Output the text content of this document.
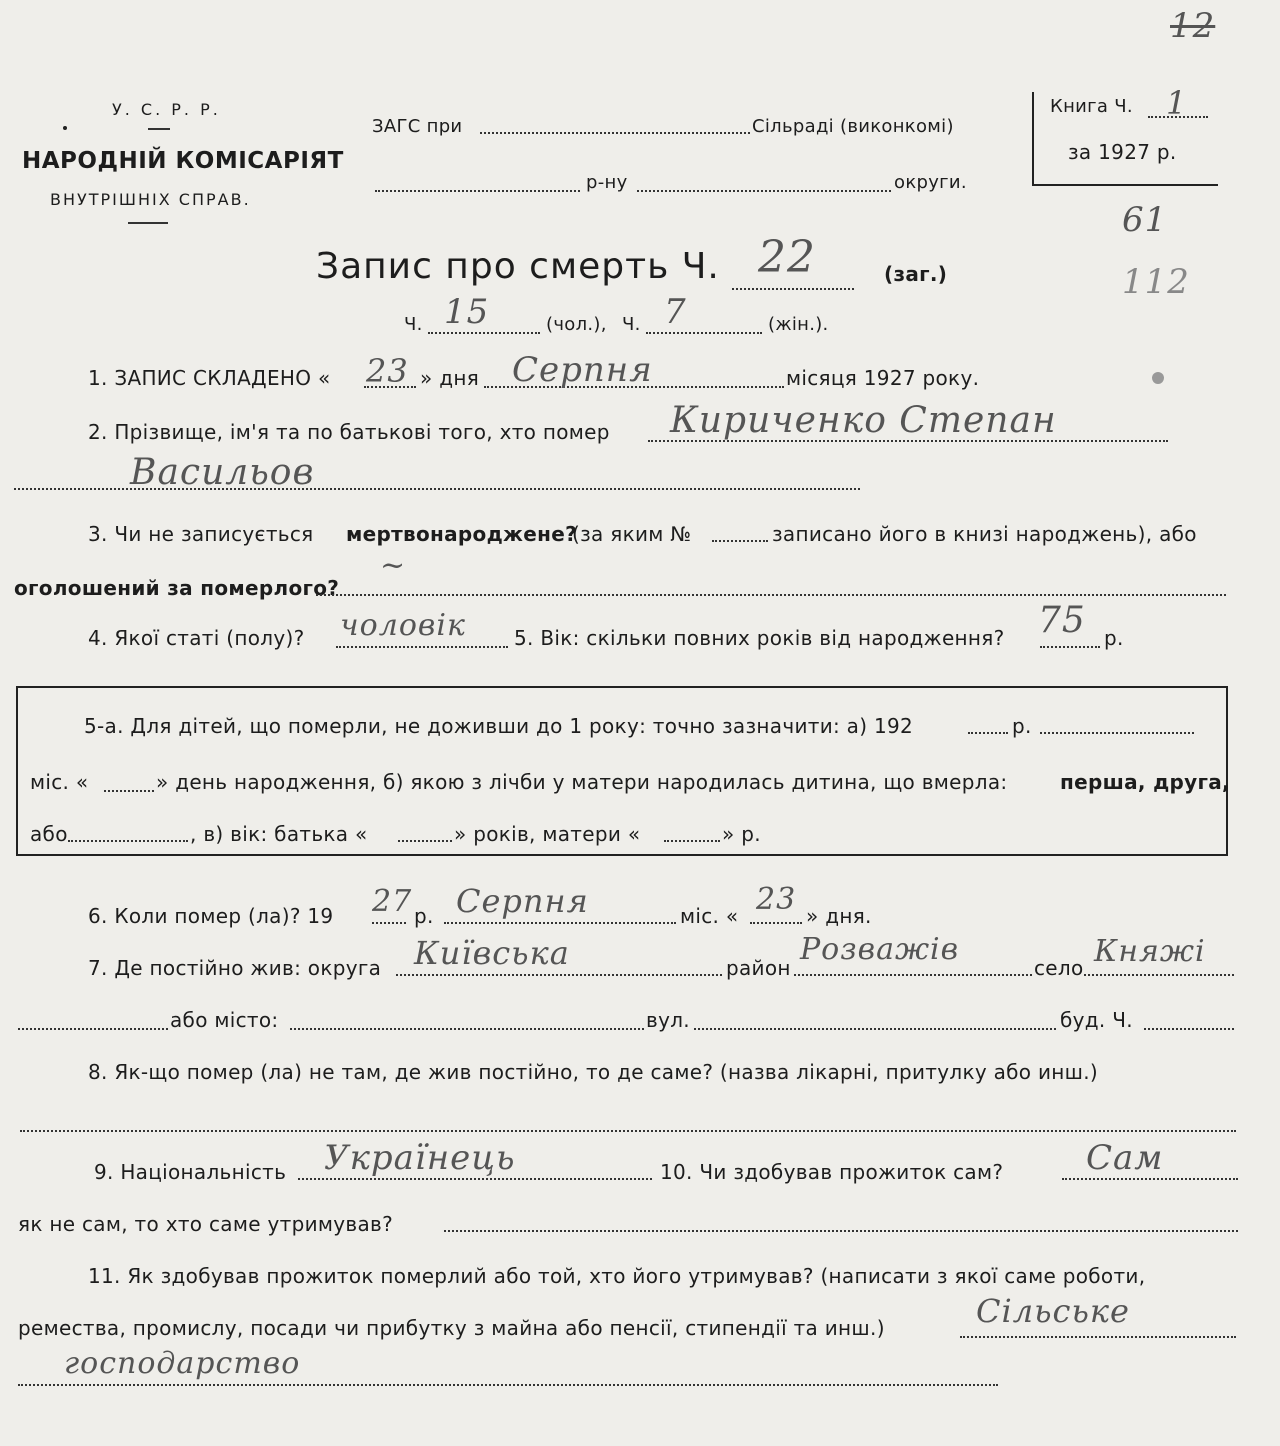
12
У. С. Р. Р.
НАРОДНІЙ КОМІСАРІЯТ
ВНУТРІШНІХ СПРАВ.
ЗАГС при	Сільраді (виконкомі)
р-ну	округи.
Книга Ч. 1
за 1927 р.
61
112
Запис про смерть Ч. 22	(заг.)
Ч. 15	(чол.), Ч. 7	(жін.).
1. ЗАПИС СКЛАДЕНО « 23 » дня Серпня	місяця 1927 року.
2. Прізвище, ім'я та по батькові того, хто помер Кириченко Степан
Васильов
3. Чи не записується мертвонароджене?
(за яким №	записано його в книзі народжень), або
оголошений за померлого?
~
4. Якої статі (полу)? чоловік 5. Вік: скільки повних років від народження? 75 р.
5-а. Для дітей, що померли, не доживши до 1 року: точно зазначити: а) 192	р.
міс. «	» день народження, б) якою з лічби у матери народилась дитина, що вмерла:	перша, друга,
або	, в) вік: батька «	» років, матери «	» р.
6. Коли помер (ла)? 19 27 р. Серпня	міс. « 23 » дня.
7. Де постійно жив: округа Київська	район
Розважів
село Княжі
або місто:	вул.	буд. Ч.
8. Як-що помер (ла) не там, де жив постійно, то де саме? (назва лікарні, притулку або инш.)
9. Національність Українець	10. Чи здобував прожиток сам? Сам
як не сам, то хто саме утримував?
11. Як здобував прожиток померлий або той, хто його утримував? (написати з якої саме роботи,
ремества, промислу, посади чи прибутку з майна або пенсії, стипендії та инш.)	Сільське
господарство
